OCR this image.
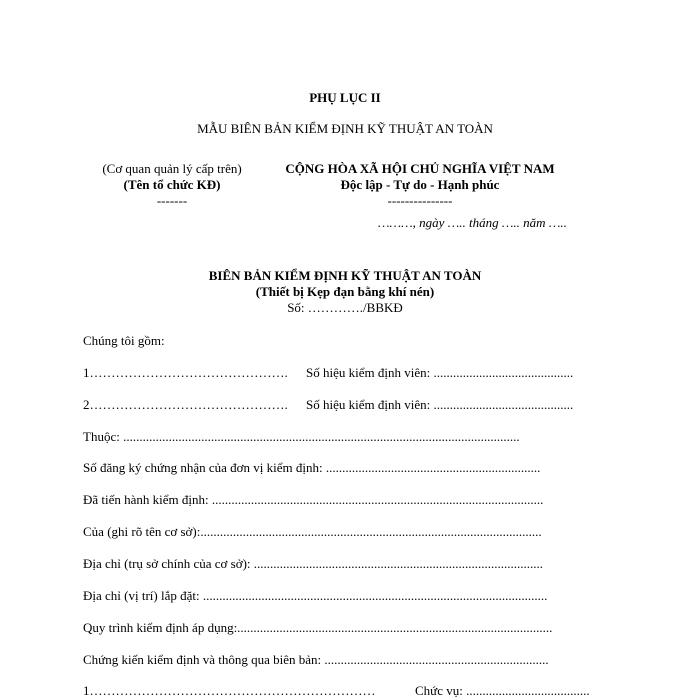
PHỤ LỤC II
MẪU BIÊN BẢN KIỂM ĐỊNH KỸ THUẬT AN TOÀN
(Cơ quan quản lý cấp trên)
(Tên tổ chức KĐ)
-------
CỘNG HÒA XÃ HỘI CHỦ NGHĨA VIỆT NAM
Độc lập - Tự do - Hạnh phúc
---------------
………, ngày ….. tháng ….. năm …..
BIÊN BẢN KIỂM ĐỊNH KỸ THUẬT AN TOÀN
(Thiết bị Kẹp đạn bằng khí nén)
Số: …………./BBKĐ
Chúng tôi gồm:
1………………………………………. Số hiệu kiểm định viên: ...........................................
2………………………………………. Số hiệu kiểm định viên: ...........................................
Thuộc: ..........................................................................................................................
Số đăng ký chứng nhận của đơn vị kiểm định: ..................................................................
Đã tiến hành kiểm định: ......................................................................................................
Của (ghi rõ tên cơ sở):.........................................................................................................
Địa chỉ (trụ sở chính của cơ sở): .........................................................................................
Địa chỉ (vị trí) lắp đặt: ..........................................................................................................
Quy trình kiểm định áp dụng:.................................................................................................
Chứng kiến kiểm định và thông qua biên bản: .....................................................................
1…………………………………………………………	Chức vụ: ......................................
